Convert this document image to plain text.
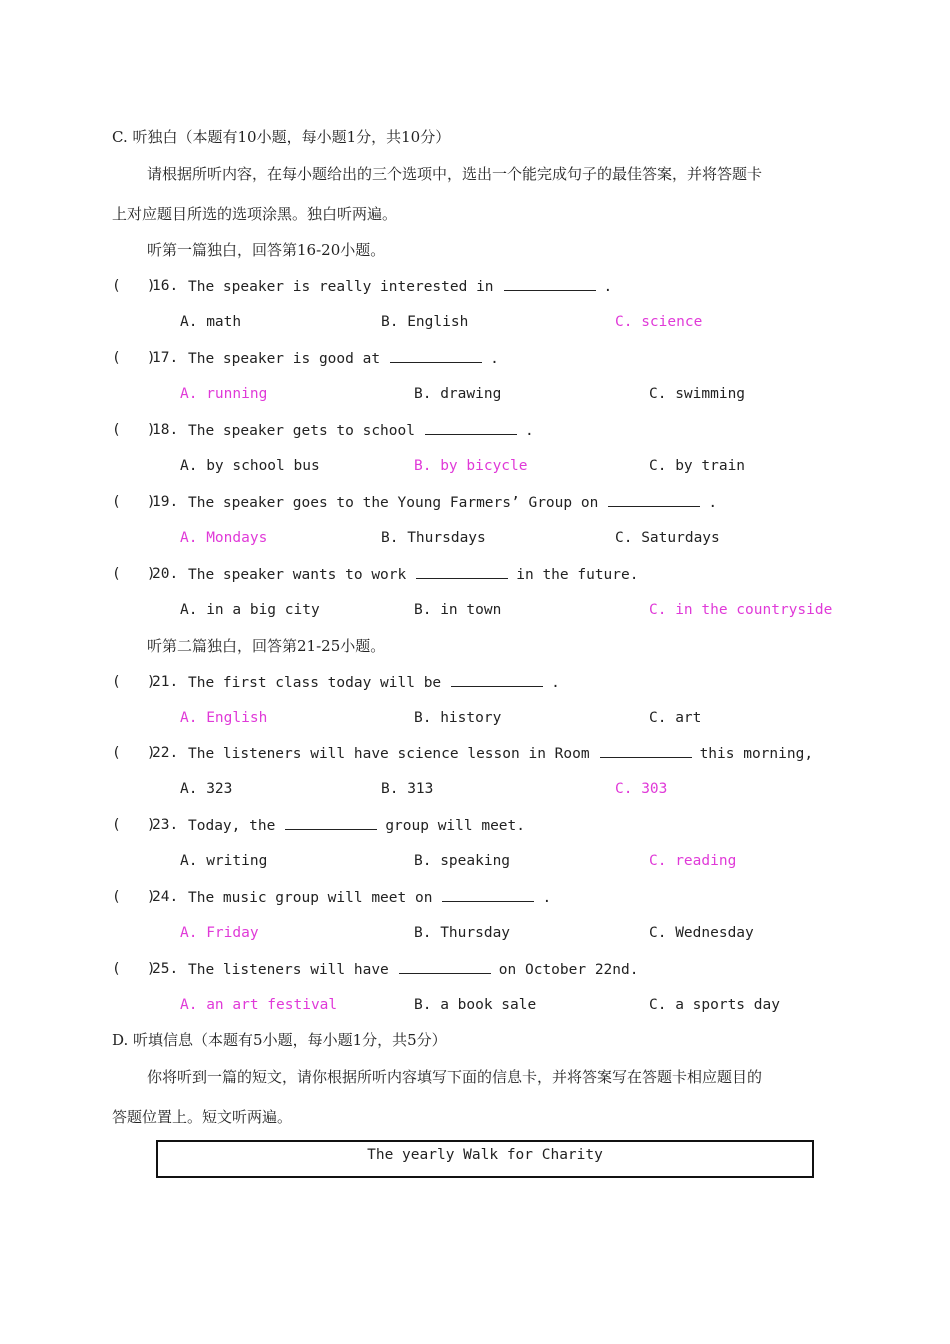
C. 听独白（本题有10小题，每小题1分，共10分）
请根据所听内容，在每小题给出的三个选项中，选出一个能完成句子的最佳答案，并将答题卡
上对应题目所选的选项涂黑。独白听两遍。
听第一篇独白，回答第16-20小题。
(   )
16. The speaker is really interested in	.
A. math	B. English	C. science
(   )
17. The speaker is good at	.
A. running	B. drawing	C. swimming
(   )
18. The speaker gets to school	.
A. by school bus	B. by bicycle	C. by train
(   )
19. The speaker goes to the Young Farmers’ Group on	.
A. Mondays	B. Thursdays	C. Saturdays
(   )
20. The speaker wants to work	in the future.
A. in a big city	B. in town	C. in the countryside
听第二篇独白，回答第21-25小题。
(   )
21. The first class today will be	.
A. English	B. history	C. art
(   )
22. The listeners will have science lesson in Room	this morning,
A. 323	B. 313	C. 303
(   )
23. Today, the	group will meet.
A. writing	B. speaking	C. reading
(   )
24. The music group will meet on	.
A. Friday	B. Thursday	C. Wednesday
(   )
25. The listeners will have	on October 22nd.
A. an art festival	B. a book sale	C. a sports day
D. 听填信息（本题有5小题，每小题1分，共5分）
你将听到一篇的短文，请你根据所听内容填写下面的信息卡，并将答案写在答题卡相应题目的
答题位置上。短文听两遍。
The yearly Walk for Charity
